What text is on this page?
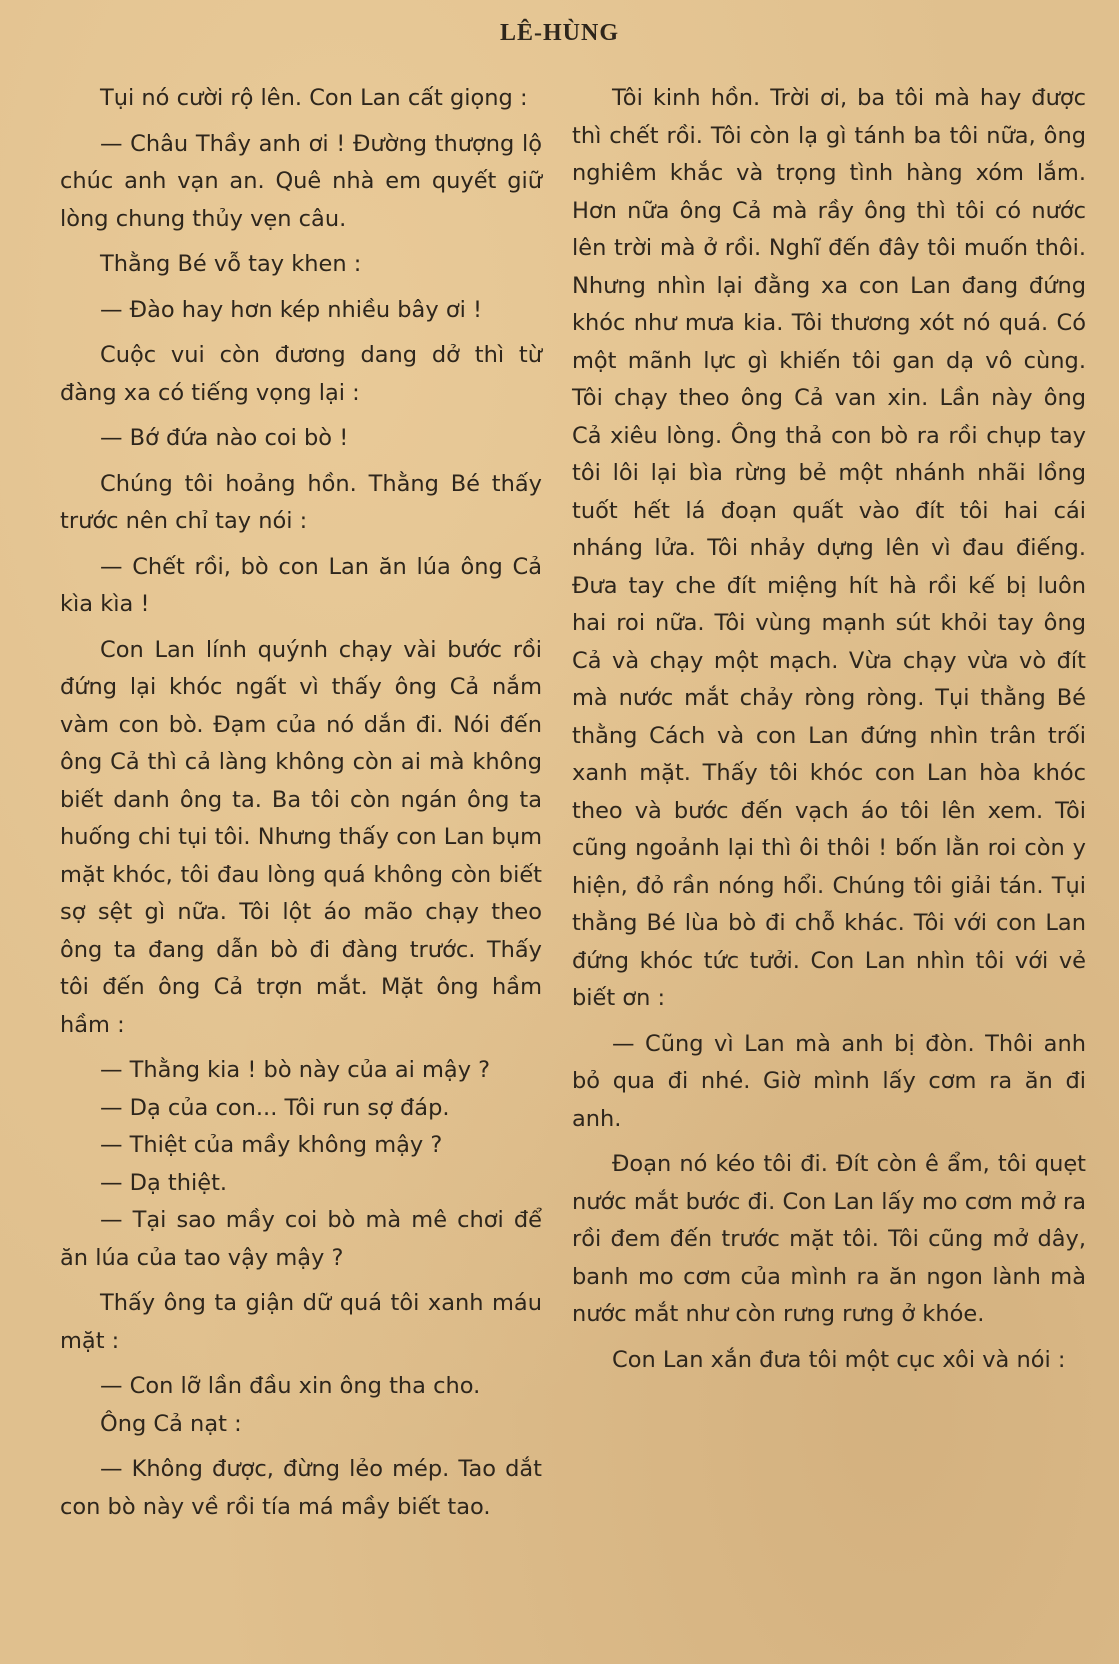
LÊ-HÙNG

Tụi nó cười rộ lên. Con Lan cất giọng :

— Châu Thầy anh ơi ! Đường thượng lộ chúc anh vạn an. Quê nhà em quyết giữ lòng chung thủy vẹn câu.

Thằng Bé vỗ tay khen :

— Đào hay hơn kép nhiều bây ơi !

Cuộc vui còn đương dang dở thì từ đàng xa có tiếng vọng lại :

— Bớ đứa nào coi bò !

Chúng tôi hoảng hồn. Thằng Bé thấy trước nên chỉ tay nói :

— Chết rồi, bò con Lan ăn lúa ông Cả kìa kìa !

Con Lan lính quýnh chạy vài bước rồi đứng lại khóc ngất vì thấy ông Cả nắm vàm con bò. Đạm của nó dắn đi. Nói đến ông Cả thì cả làng không còn ai mà không biết danh ông ta. Ba tôi còn ngán ông ta huống chi tụi tôi. Nhưng thấy con Lan bụm mặt khóc, tôi đau lòng quá không còn biết sợ sệt gì nữa. Tôi lột áo mão chạy theo ông ta đang dẫn bò đi đàng trước. Thấy tôi đến ông Cả trợn mắt. Mặt ông hầm hầm :

— Thằng kia ! bò này của ai mậy ?

— Dạ của con... Tôi run sợ đáp.

— Thiệt của mầy không mậy ?

— Dạ thiệt.

— Tại sao mầy coi bò mà mê chơi để ăn lúa của tao vậy mậy ?

Thấy ông ta giận dữ quá tôi xanh máu mặt :

— Con lỡ lần đầu xin ông tha cho.

Ông Cả nạt :

— Không được, đừng lẻo mép. Tao dắt con bò này về rồi tía má mầy biết tao.

Tôi kinh hồn. Trời ơi, ba tôi mà hay được thì chết rồi. Tôi còn lạ gì tánh ba tôi nữa, ông nghiêm khắc và trọng tình hàng xóm lắm. Hơn nữa ông Cả mà rầy ông thì tôi có nước lên trời mà ở rồi. Nghĩ đến đây tôi muốn thôi. Nhưng nhìn lại đằng xa con Lan đang đứng khóc như mưa kia. Tôi thương xót nó quá. Có một mãnh lực gì khiến tôi gan dạ vô cùng. Tôi chạy theo ông Cả van xin. Lần này ông Cả xiêu lòng. Ông thả con bò ra rồi chụp tay tôi lôi lại bìa rừng bẻ một nhánh nhãi lồng tuốt hết lá đoạn quất vào đít tôi hai cái nháng lửa. Tôi nhảy dựng lên vì đau điếng. Đưa tay che đít miệng hít hà rồi kế bị luôn hai roi nữa. Tôi vùng mạnh sút khỏi tay ông Cả và chạy một mạch. Vừa chạy vừa vò đít mà nước mắt chảy ròng ròng. Tụi thằng Bé thằng Cách và con Lan đứng nhìn trân trối xanh mặt. Thấy tôi khóc con Lan hòa khóc theo và bước đến vạch áo tôi lên xem. Tôi cũng ngoảnh lại thì ôi thôi ! bốn lằn roi còn y hiện, đỏ rần nóng hổi. Chúng tôi giải tán. Tụi thằng Bé lùa bò đi chỗ khác. Tôi với con Lan đứng khóc tức tưởi. Con Lan nhìn tôi với vẻ biết ơn :

— Cũng vì Lan mà anh bị đòn. Thôi anh bỏ qua đi nhé. Giờ mình lấy cơm ra ăn đi anh.

Đoạn nó kéo tôi đi. Đít còn ê ẩm, tôi quẹt nước mắt bước đi. Con Lan lấy mo cơm mở ra rồi đem đến trước mặt tôi. Tôi cũng mở dây, banh mo cơm của mình ra ăn ngon lành mà nước mắt như còn rưng rưng ở khóe.

Con Lan xắn đưa tôi một cục xôi và nói :
